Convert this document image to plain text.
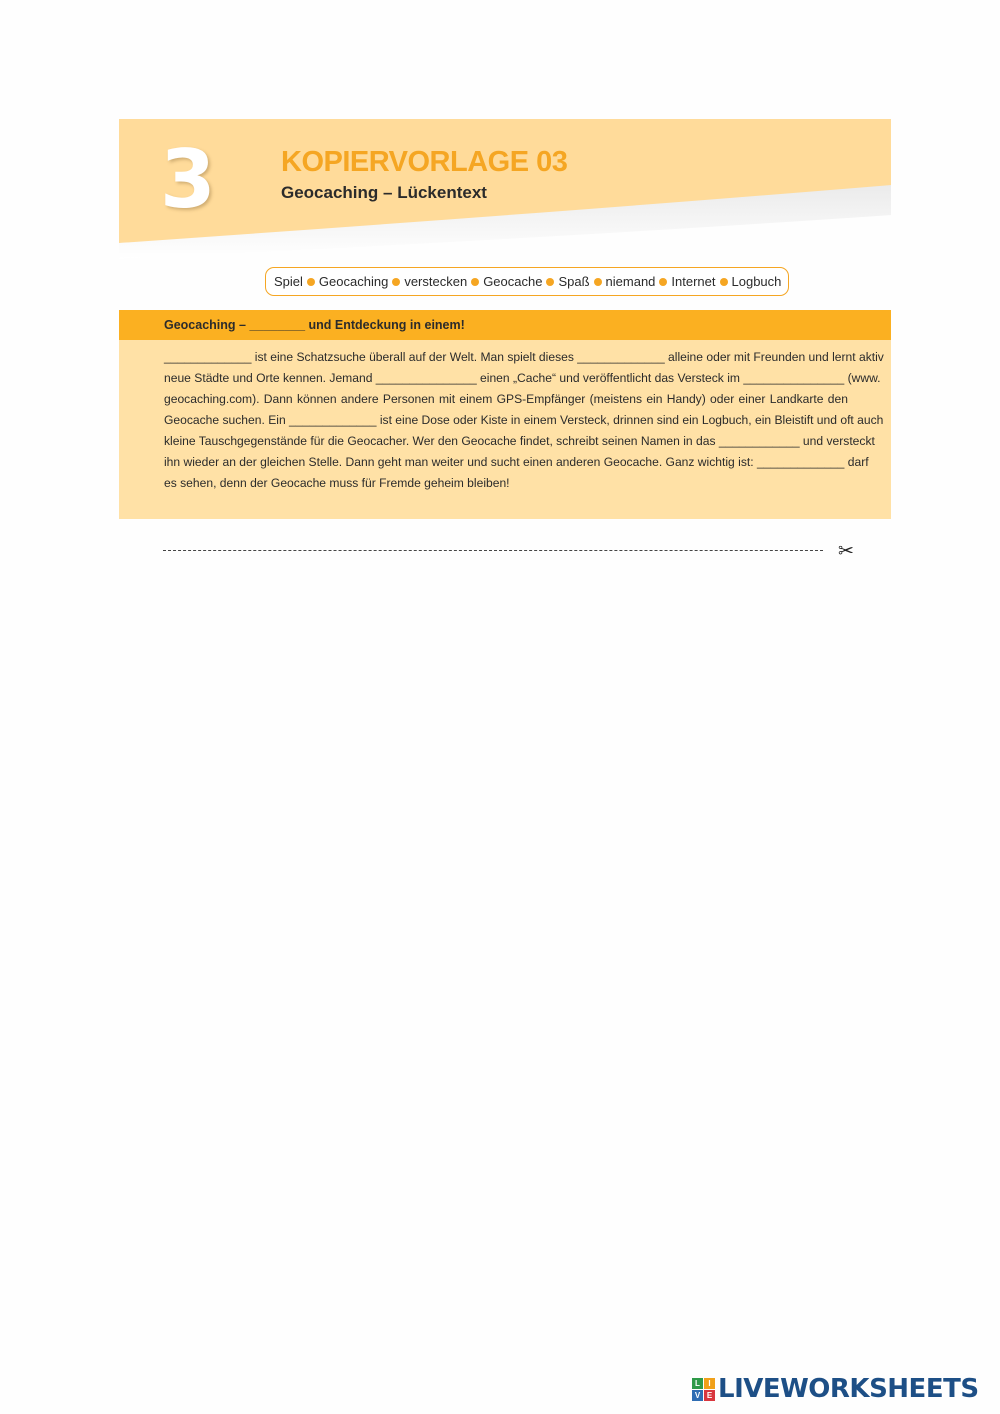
3 KOPIERVORLAGE 03
Geocaching – Lückentext
Spiel Geocaching verstecken Geocache Spaß niemand Internet Logbuch
Geocaching – ________ und Entdeckung in einem!
_____________ ist eine Schatzsuche überall auf der Welt. Man spielt dieses _____________ alleine oder mit Freunden und lernt aktiv
neue Städte und Orte kennen. Jemand _______________ einen „Cache“ und veröffentlicht das Versteck im _______________ (www.
geocaching.com). Dann können andere Personen mit einem GPS-Empfänger (meistens ein Handy) oder einer Landkarte den
Geocache suchen. Ein _____________ ist eine Dose oder Kiste in einem Versteck, drinnen sind ein Logbuch, ein Bleistift und oft auch
kleine Tauschgegenstände für die Geocacher. Wer den Geocache findet, schreibt seinen Namen in das ____________ und versteckt
ihn wieder an der gleichen Stelle. Dann geht man weiter und sucht einen anderen Geocache. Ganz wichtig ist: _____________ darf
es sehen, denn der Geocache muss für Fremde geheim bleiben!
✂
L	I
V E LIVEWORKSHEETS
